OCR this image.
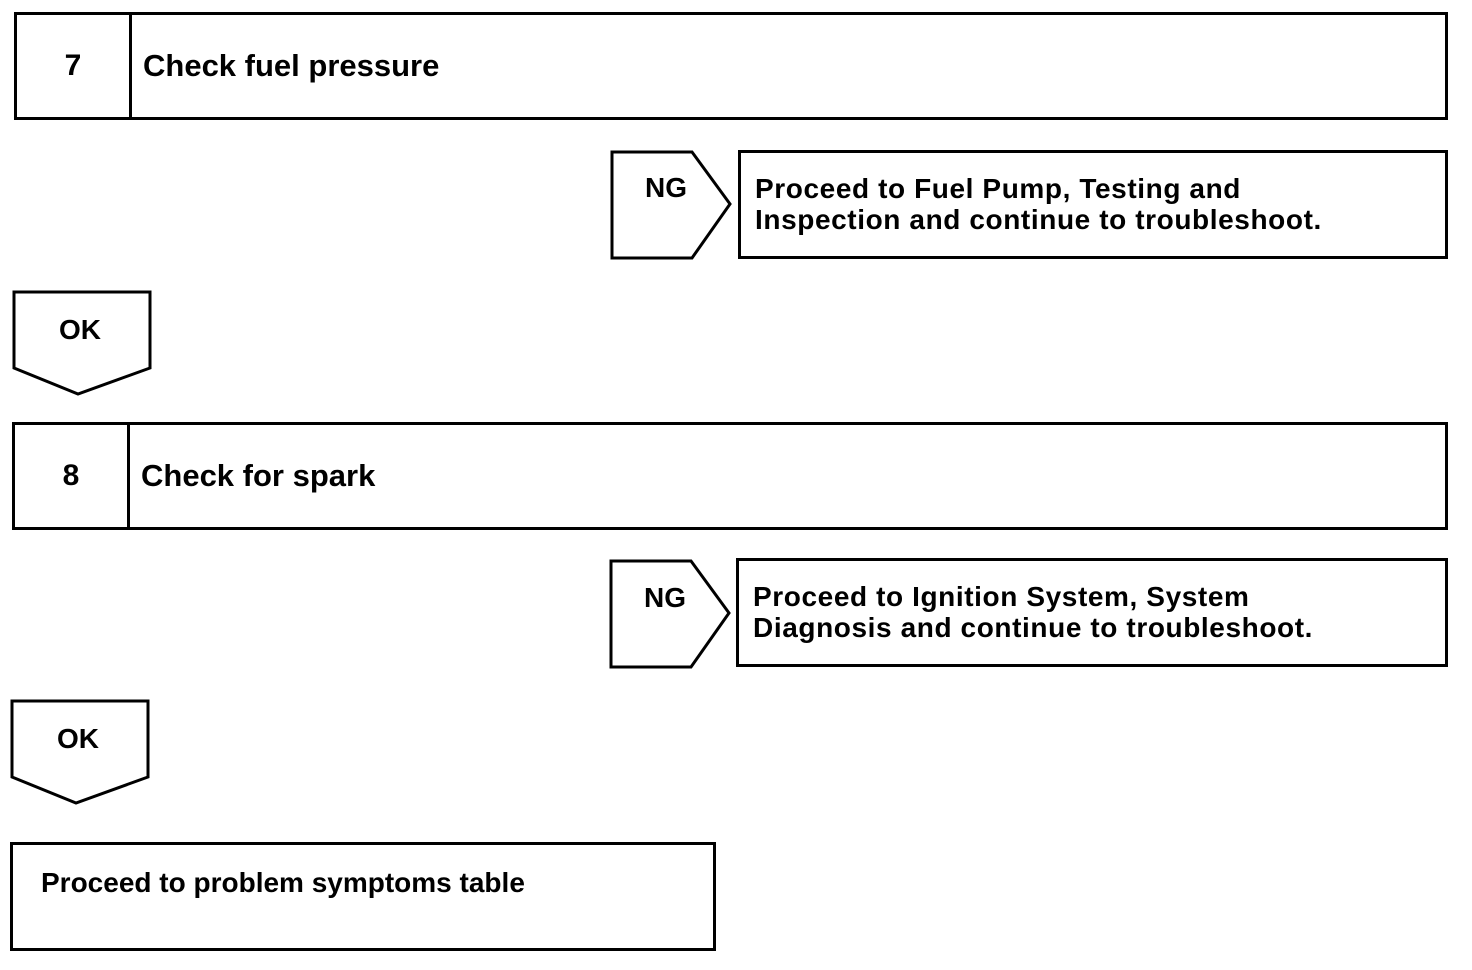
7	Check fuel pressure
NG	Proceed to Fuel Pump, Testing and
Inspection and continue to troubleshoot.
OK
8	Check for spark
NG	Proceed to Ignition System, System
Diagnosis and continue to troubleshoot.
OK
Proceed to problem symptoms table
